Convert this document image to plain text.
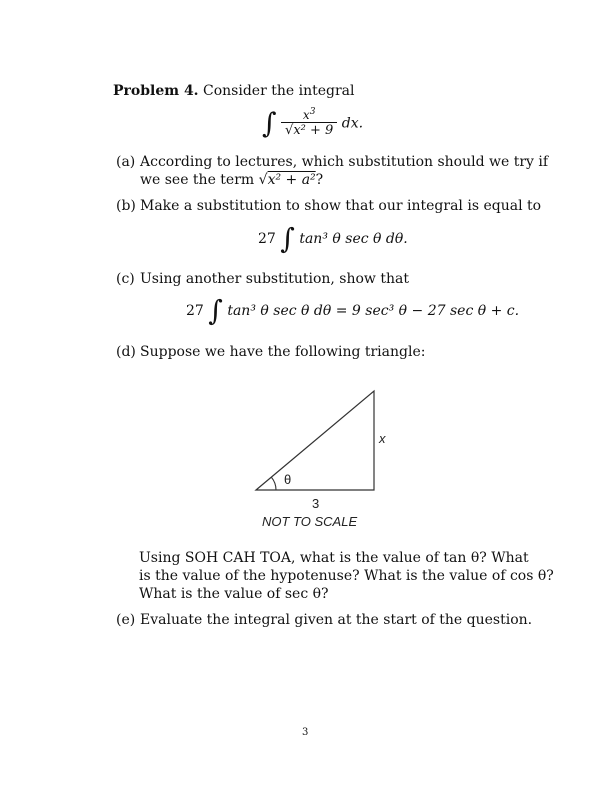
Problem 4. Consider the integral
∫ $\frac{x^3}{\text{√x² + 9}}$ dx.
(a) According to lectures, which substitution should we try if
we see the term √x² + a²?
(b) Make a substitution to show that our integral is equal to
27 ∫ tan³ θ sec θ dθ.
(c) Using another substitution, show that
27 ∫ tan³ θ sec θ dθ = 9 sec³ θ − 27 sec θ + c.
(d) Suppose we have the following triangle:
θ
x
3
NOT TO SCALE
Using SOH CAH TOA, what is the value of tan θ? What
is the value of the hypotenuse? What is the value of cos θ?
What is the value of sec θ?
(e) Evaluate the integral given at the start of the question.
3
